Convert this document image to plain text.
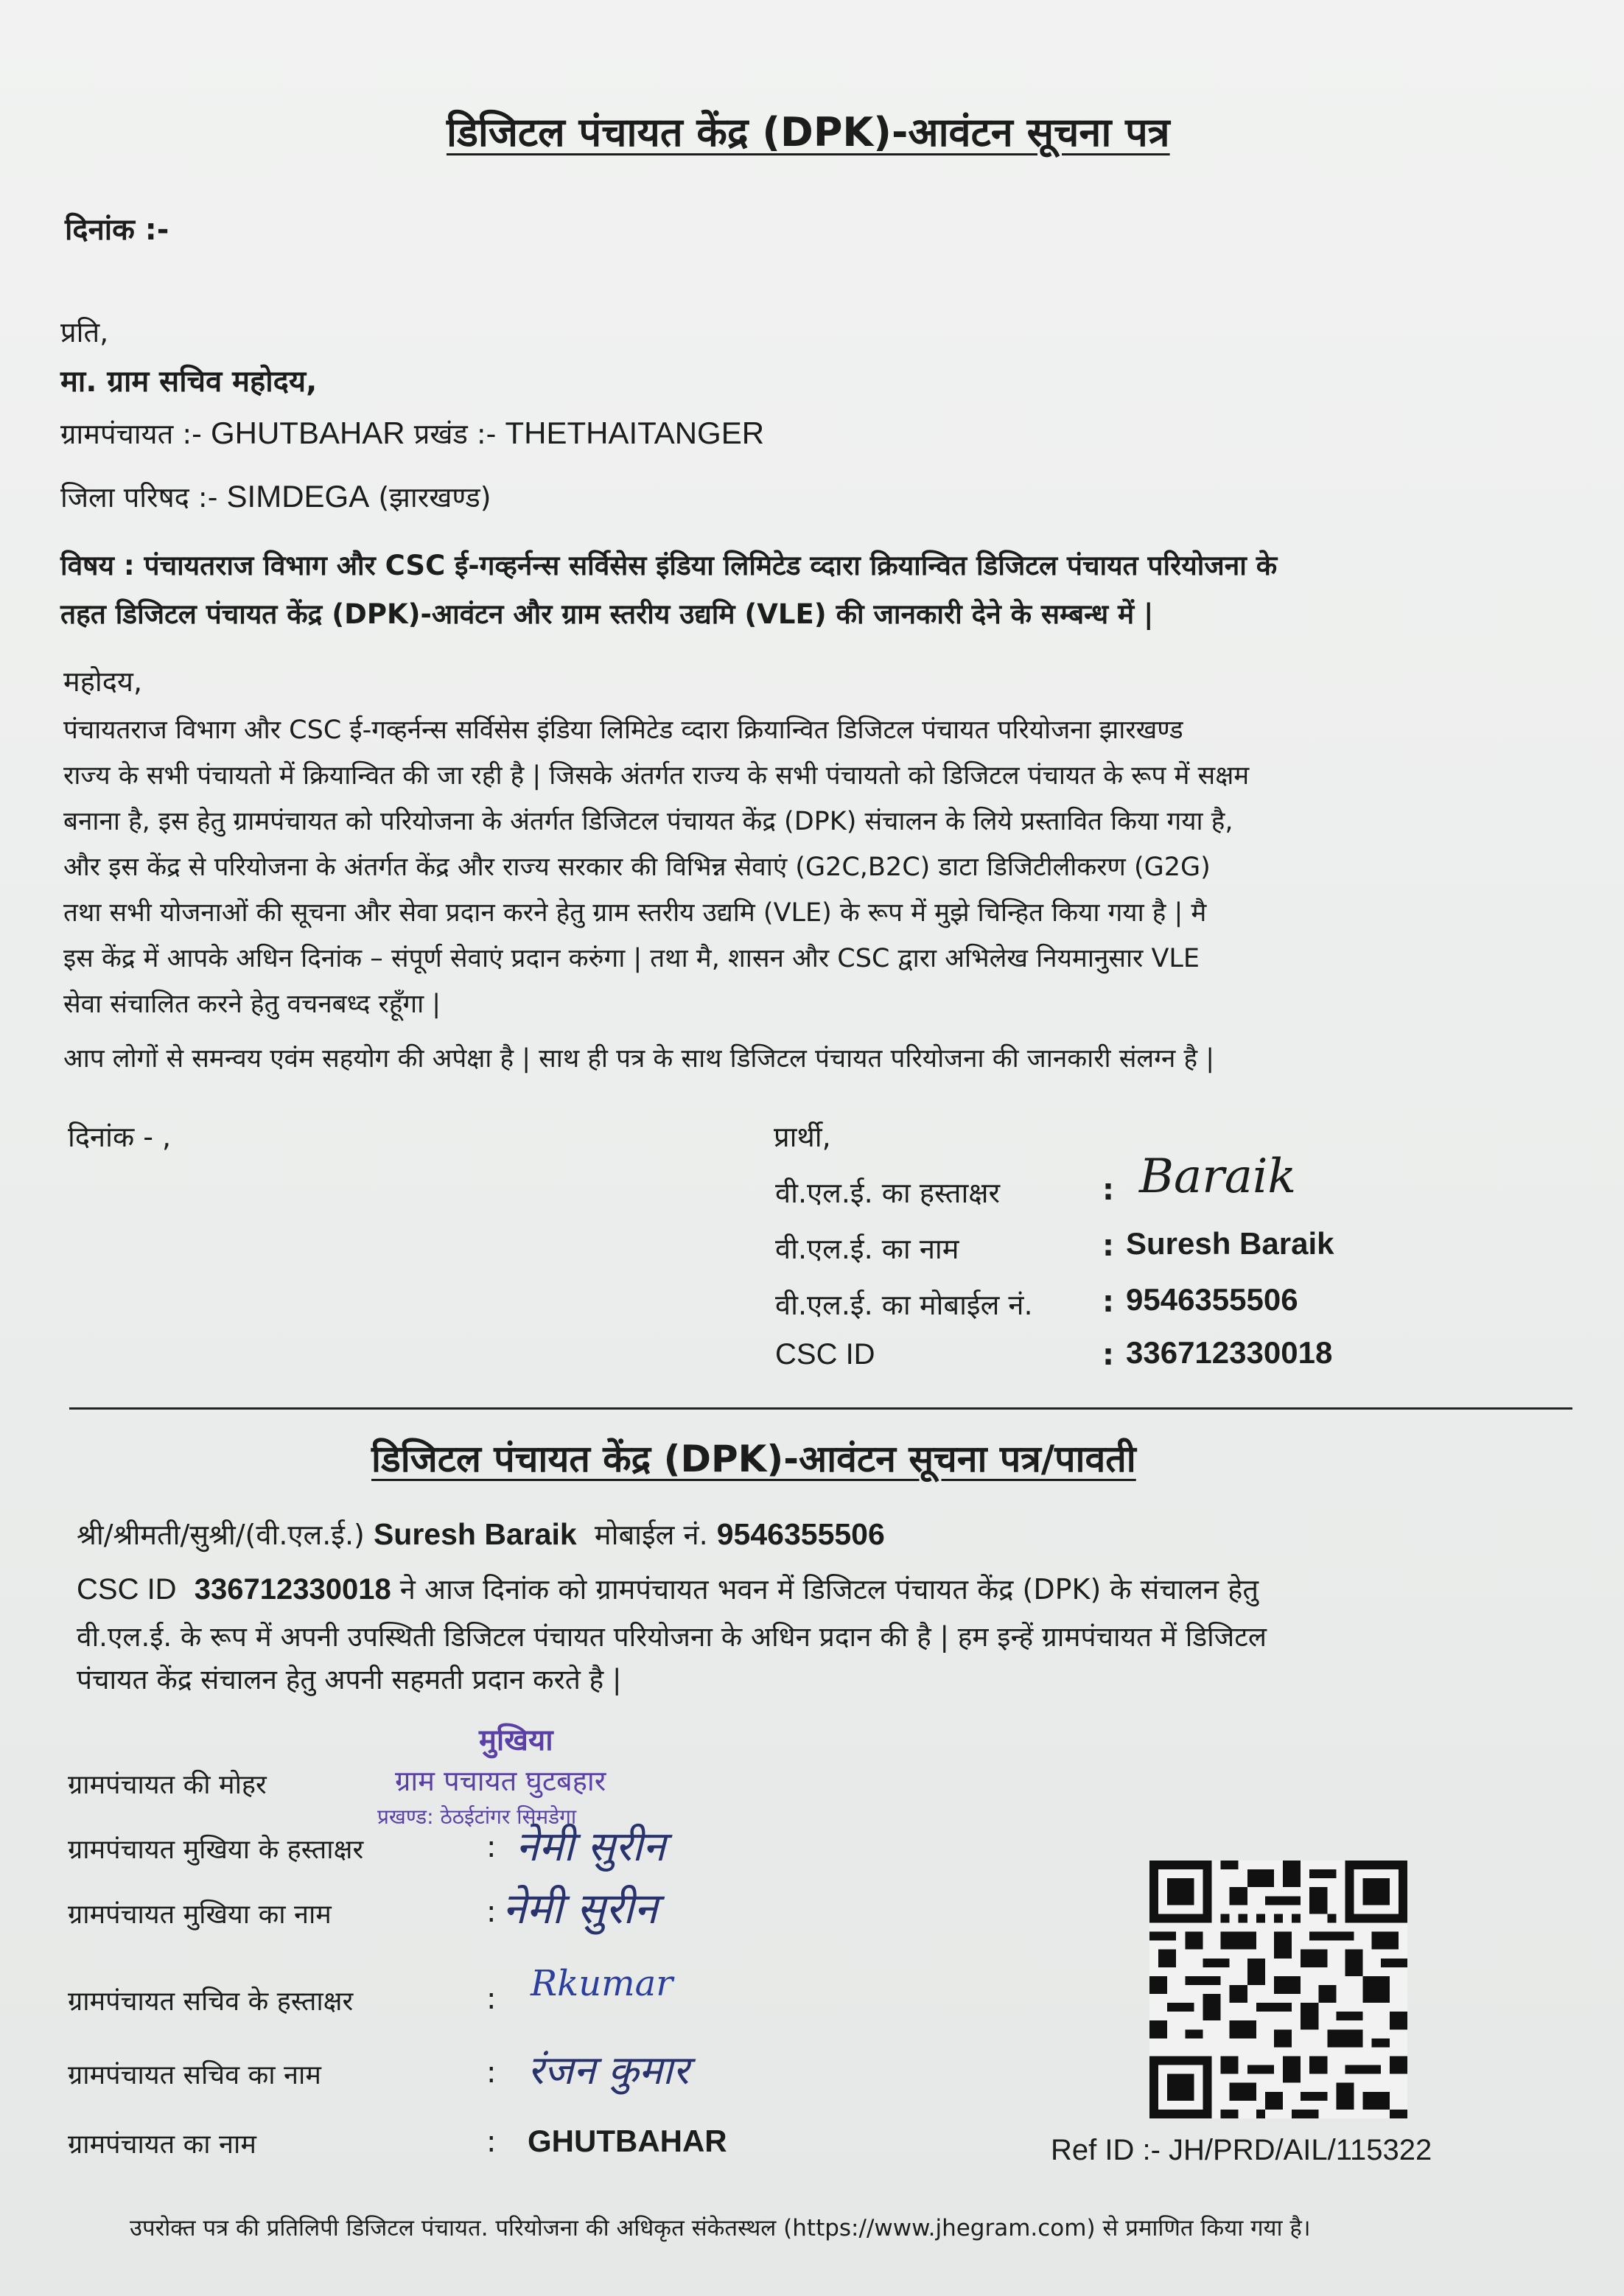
डिजिटल पंचायत केंद्र (DPK)-आवंटन सूचना पत्र
दिनांक :-
प्रति,
मा. ग्राम सचिव महोदय,
ग्रामपंचायत :- GHUTBAHAR प्रखंड :- THETHAITANGER
जिला परिषद :- SIMDEGA (झारखण्ड)
विषय : पंचायतराज विभाग और CSC ई-गव्हर्नन्स सर्विसेस इंडिया लिमिटेड व्दारा क्रियान्वित डिजिटल पंचायत परियोजना के
तहत डिजिटल पंचायत केंद्र (DPK)-आवंटन और ग्राम स्तरीय उद्यमि (VLE) की जानकारी देने के सम्बन्ध में |
महोदय,
पंचायतराज विभाग और CSC ई-गव्हर्नन्स सर्विसेस इंडिया लिमिटेड व्दारा क्रियान्वित डिजिटल पंचायत परियोजना झारखण्ड
राज्य के सभी पंचायतो में क्रियान्वित की जा रही है | जिसके अंतर्गत राज्य के सभी पंचायतो को डिजिटल पंचायत के रूप में सक्षम
बनाना है, इस हेतु ग्रामपंचायत को परियोजना के अंतर्गत डिजिटल पंचायत केंद्र (DPK) संचालन के लिये प्रस्तावित किया गया है,
और इस केंद्र से परियोजना के अंतर्गत केंद्र और राज्य सरकार की विभिन्न सेवाएं (G2C,B2C) डाटा डिजिटीलीकरण (G2G)
तथा सभी योजनाओं की सूचना और सेवा प्रदान करने हेतु ग्राम स्तरीय उद्यमि (VLE) के रूप में मुझे चिन्हित किया गया है | मै
इस केंद्र में आपके अधिन दिनांक – संपूर्ण सेवाएं प्रदान करुंगा | तथा मै, शासन और CSC द्वारा अभिलेख नियमानुसार VLE
सेवा संचालित करने हेतु वचनबध्द रहूँगा |
आप लोगों से समन्वय एवंम सहयोग की अपेक्षा है | साथ ही पत्र के साथ डिजिटल पंचायत परियोजना की जानकारी संलग्न है |
दिनांक - ,	प्रार्थी,
वी.एल.ई. का हस्ताक्षर	: Baraik
वी.एल.ई. का नाम	: Suresh Baraik
वी.एल.ई. का मोबाईल नं. : 9546355506
CSC ID	: 336712330018
डिजिटल पंचायत केंद्र (DPK)-आवंटन सूचना पत्र/पावती
श्री/श्रीमती/सुश्री/(वी.एल.ई.) Suresh Baraik मोबाईल नं. 9546355506
CSC ID 336712330018 ने आज दिनांक को ग्रामपंचायत भवन में डिजिटल पंचायत केंद्र (DPK) के संचालन हेतु
वी.एल.ई. के रूप में अपनी उपस्थिती डिजिटल पंचायत परियोजना के अधिन प्रदान की है | हम इन्हें ग्रामपंचायत में डिजिटल
पंचायत केंद्र संचालन हेतु अपनी सहमती प्रदान करते है |
मुखिया
ग्राम पचायत घुटबहार
प्रखण्ड: ठेठईटांगर सिमडेगा
ग्रामपंचायत की मोहर
ग्रामपंचायत मुखिया के हस्ताक्षर	: नेमी सुरीन
ग्रामपंचायत मुखिया का नाम	: नेमी सुरीन
ग्रामपंचायत सचिव के हस्ताक्षर	: Rkumar
ग्रामपंचायत सचिव का नाम	: रंजन कुमार
ग्रामपंचायत का नाम	: GHUTBAHAR	Ref ID :- JH/PRD/AIL/115322
उपरोक्त पत्र की प्रतिलिपी डिजिटल पंचायत. परियोजना की अधिकृत संकेतस्थल (https://www.jhegram.com) से प्रमाणित किया गया है।
